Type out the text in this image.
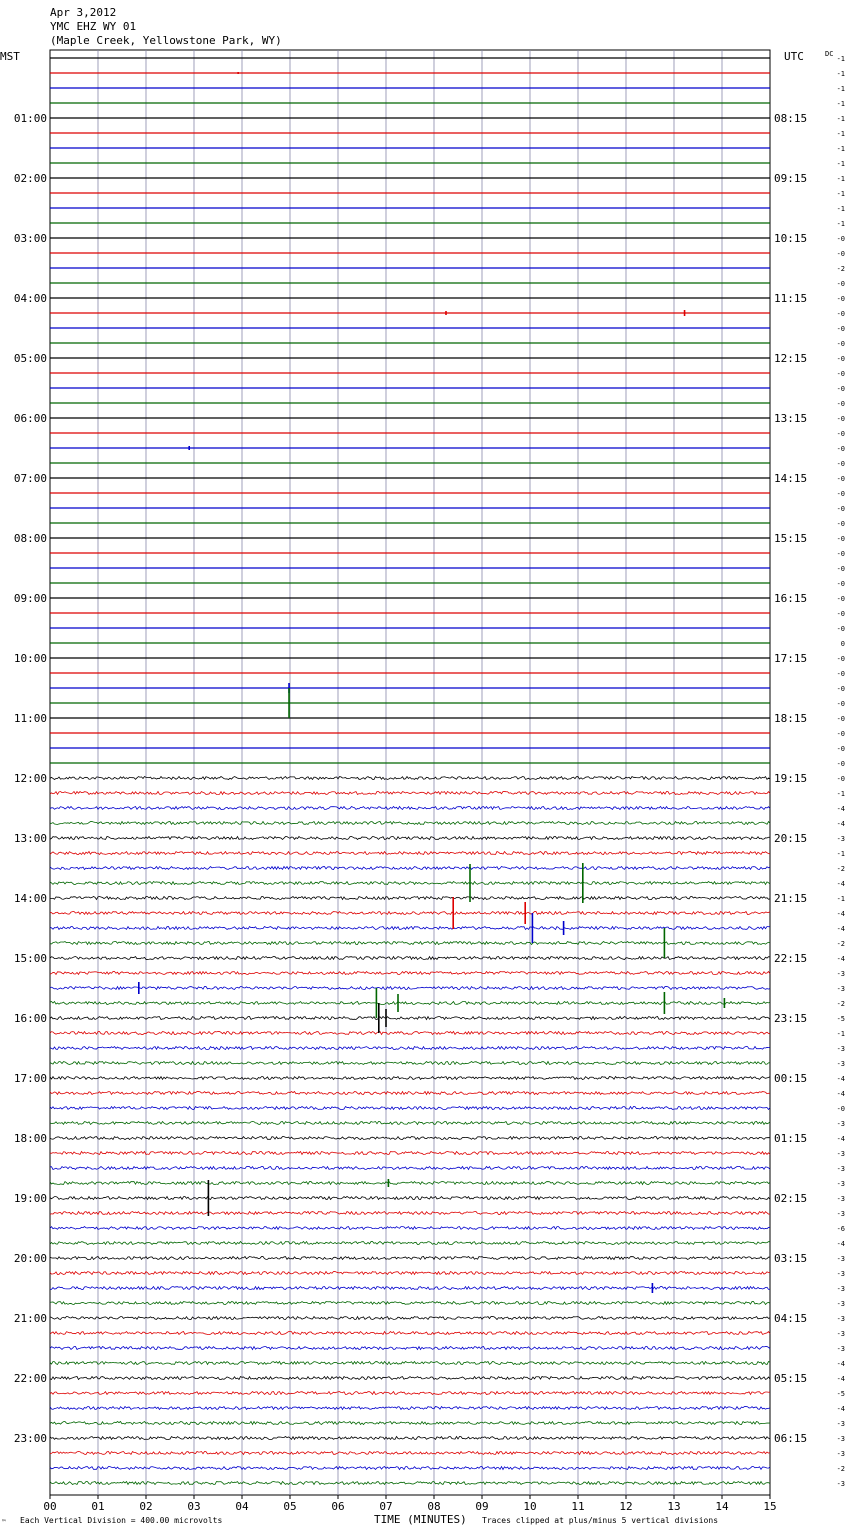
Apr 3,2012
YMC EHZ WY 01
(Maple Creek, Yellowstone Park, WY)
MST	UTC	DC
01:00
02:00
03:00
04:00
05:00
06:00
07:00
08:00
09:00
10:00
11:00
12:00
13:00
14:00
15:00
16:00
17:00
18:00
19:00
20:00
21:00
22:00
23:00
08:15
09:15
10:15
11:15
12:15
13:15
14:15
15:15
16:15
17:15
18:15
19:15
20:15
21:15
22:15
23:15
00:15
01:15
02:15
03:15
04:15
05:15
06:15
-1
-1
-1
-1
-1
-1
-1
-1
-1
-1
-1
-1
-0
-0
-2
-0
-0
-0
-0
-0
-0
-0
-0
-0
-0
-0
-0
-0
-0
-0
-0
-0
-0
-0
-0
-0
-0
-0
-0
0
-0
-0
-0
-0
-0
-0
-0
-0
-0
-1
-4
-4
-3
-1
-2
-4
-1
-4
-4
-2
-4
-3
-3
-2
-5
-1
-3
-3
-4
-4
-0
-3
-4
-3
-3
-3
-3
-3
-6
-4
-3
-3
-3
-3
-3
-3
-3
-4
-4
-5
-4
-3
-3
-3
-2
-3
00	01	02	03	04	05	06	07	08	09	10	11	12	13	14	15
™ Each Vertical Division = 400.00 microvolts	TIME (MINUTES) Traces clipped at plus/minus 5 vertical divisions
